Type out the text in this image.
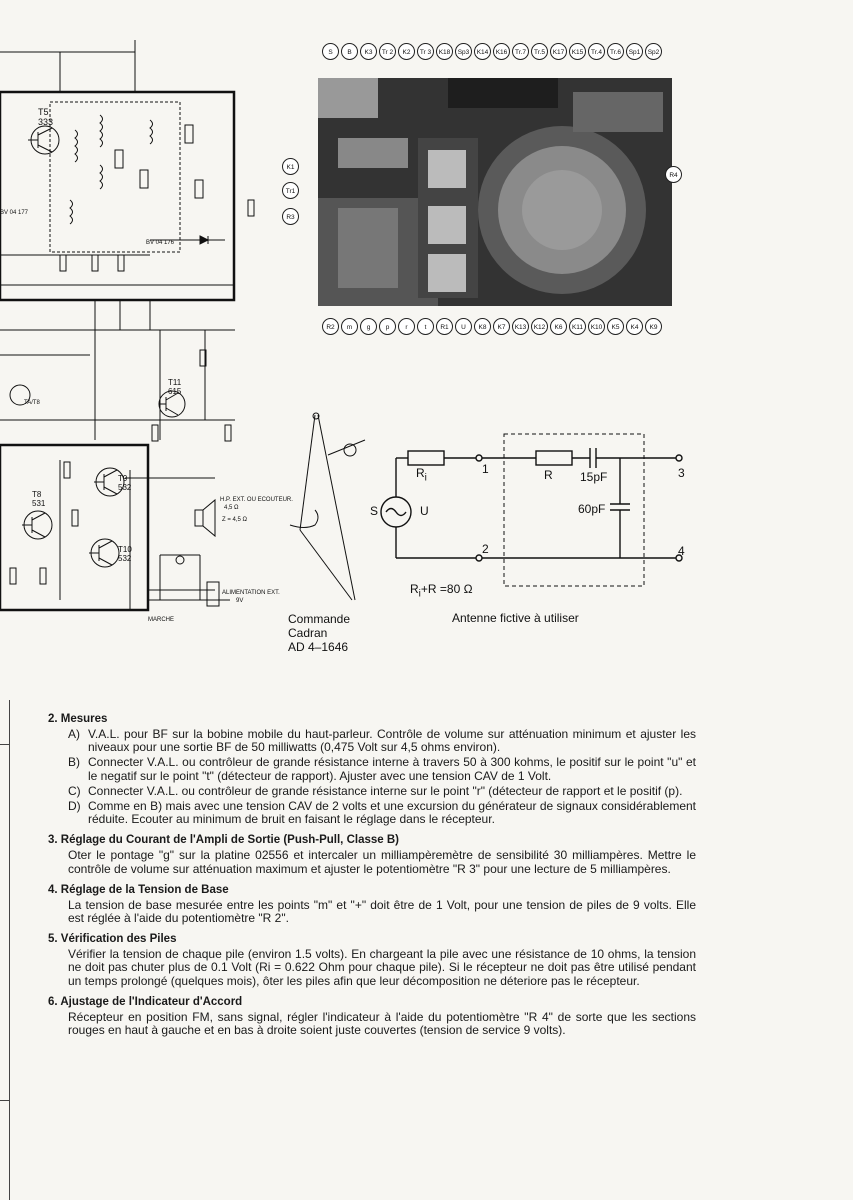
T5
333
BV 04 177
BV 04 176
T11
615
TA/T8
T8
531
T9
532
T10
532
H.P. EXT. OU ECOUTEUR.
4,5 Ω
Z = 4,5 Ω
ALIMENTATION EXT.
9V
MARCHE
S	B	K3	Tr 2	K2	Tr 3	K18	Sp3	K14	K16	Tr.7	Tr.5	K17	K15	Tr.4	Tr.6	Sp1	Sp2
K1
Tr1
R3
R4
R2	m	g	p	r	t	R1	U	K8	K7	K13	K12	K6	K11	K10	K5	K4	K9
Commande
Cadran
AD 4–1646
$R_i$	R 15pF
60pF
S	U
1
2
3
4
$R_i+R =80$ Ω
Antenne fictive à utiliser
2. Mesures
A) V.A.L. pour BF sur la bobine mobile du haut-parleur. Contrôle de volume sur atténuation minimum et ajuster les niveaux pour une sortie BF de 50 milliwatts (0,475 Volt sur 4,5 ohms environ).
B) Connecter V.A.L. ou contrôleur de grande résistance interne à travers 50 à 300 kohms, le positif sur le point "u" et le negatif sur le point "t" (détecteur de rapport). Ajuster avec une tension CAV de 1 Volt.
C) Connecter V.A.L. ou contrôleur de grande résistance interne sur le point "r" (détecteur de rapport et le positif (p).
D) Comme en B) mais avec une tension CAV de 2 volts et une excursion du générateur de signaux considérablement réduite. Ecouter au minimum de bruit en faisant le réglage dans le récepteur.
3. Réglage du Courant de l'Ampli de Sortie (Push-Pull, Classe B)

Oter le pontage "g" sur la platine 02556 et intercaler un milliampèremètre de sensibilité 30 milliampères. Mettre le contrôle de volume sur atténuation maximum et ajuster le potentiomètre "R 3" pour une lecture de 5 milliampères.

4. Réglage de la Tension de Base

La tension de base mesurée entre les points "m" et "+" doit être de 1 Volt, pour une tension de piles de 9 volts. Elle est réglée à l'aide du potentiomètre "R 2".

5. Vérification des Piles

Vérifier la tension de chaque pile (environ 1.5 volts). En chargeant la pile avec une résistance de 10 ohms, la tension ne doit pas chuter plus de 0.1 Volt (Ri = 0.622 Ohm pour chaque pile). Si le récepteur ne doit pas être utilisé pendant un temps prolongé (quelques mois), ôter les piles afin que leur décomposition ne déteriore pas le récepteur.

6. Ajustage de l'Indicateur d'Accord

Récepteur en position FM, sans signal, régler l'indicateur à l'aide du potentiomètre "R 4" de sorte que les sections rouges en haut à gauche et en bas à droite soient juste couvertes (tension de service 9 volts).
